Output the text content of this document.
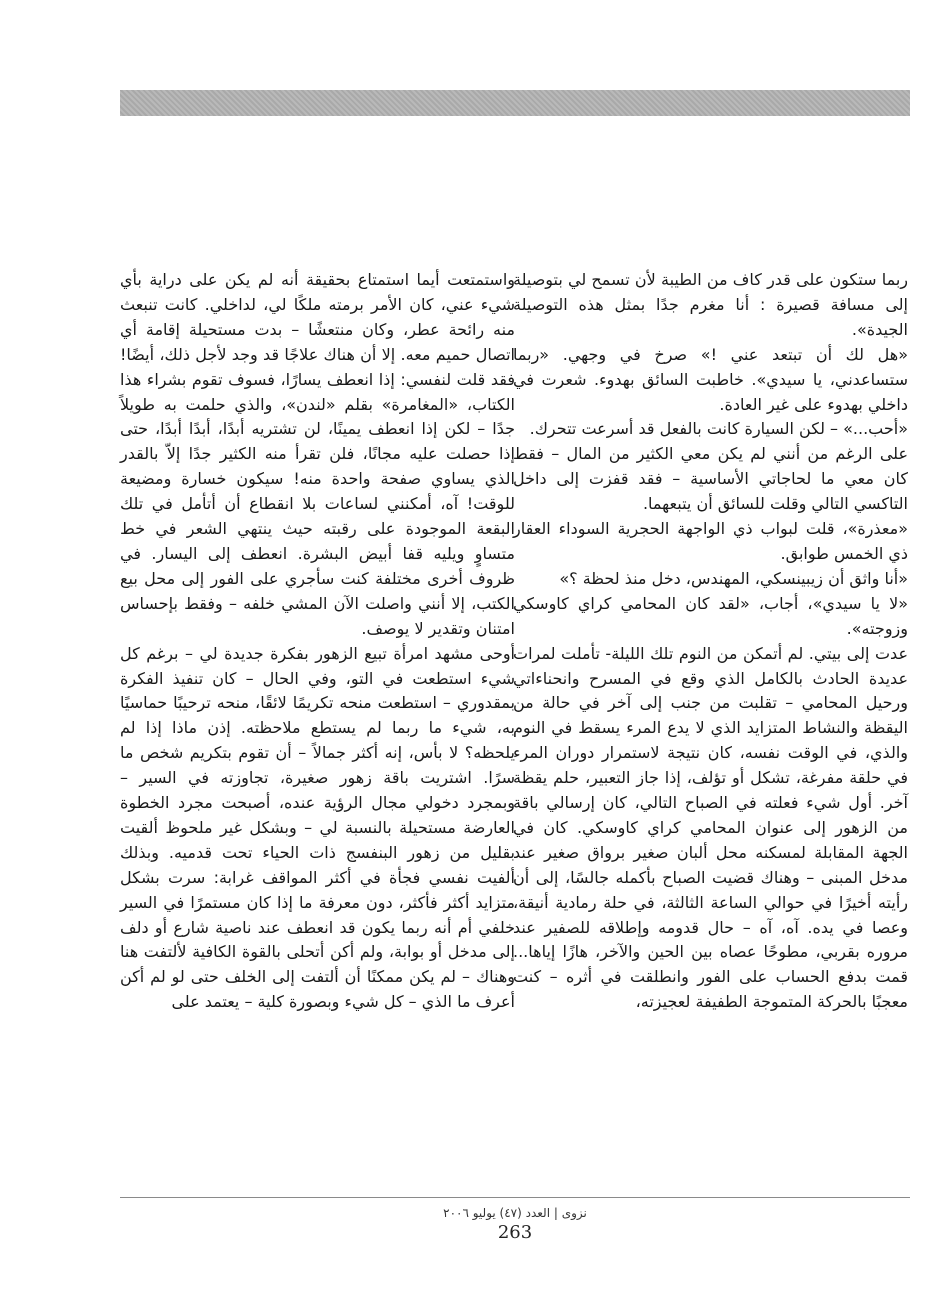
ربما ستكون على قدر كاف من الطيبة لأن تسمح لي بتوصيلة إلى مسافة قصيرة : أنا مغرم جدًا بمثل هذه التوصيلة الجيدة».

«هل لك أن تبتعد عني !» صرخ في وجهي. «ربما ستساعدني، يا سيدي». خاطبت السائق بهدوء. شعرت في داخلي بهدوء على غير العادة.

«أحب...» – لكن السيارة كانت بالفعل قد أسرعت تتحرك.

على الرغم من أنني لم يكن معي الكثير من المال – فقط كان معي ما لحاجاتي الأساسية – فقد قفزت إلى داخل التاكسي التالي وقلت للسائق أن يتبعهما.

«معذرة»، قلت لبواب ذي الواجهة الحجرية السوداء العقار ذي الخمس طوابق.

«أنا واثق أن زيبينسكي، المهندس، دخل منذ لحظة ؟»

«لا يا سيدي»، أجاب، «لقد كان المحامي كراي كاوسكي وزوجته».

عدت إلى بيتي. لم أتمكن من النوم تلك الليلة- تأملت لمرات عديدة الحادث بالكامل الذي وقع في المسرح وانحناءاتي ورحيل المحامي – تقلبت من جنب إلى آخر في حالة من اليقظة والنشاط المتزايد الذي لا يدع المرء يسقط في النوم والذي، في الوقت نفسه، كان نتيجة لاستمرار دوران المرء في حلقة مفرغة، تشكل أو تؤلف، إذا جاز التعبير، حلم يقظة آخر. أول شيء فعلته في الصباح التالي، كان إرسالي باقة من الزهور إلى عنوان المحامي كراي كاوسكي. كان في الجهة المقابلة لمسكنه محل ألبان صغير برواق صغير عند مدخل المبنى – وهناك قضيت الصباح بأكمله جالسًا، إلى أن رأيته أخيرًا في حوالي الساعة الثالثة، في حلة رمادية أنيقة، وعصا في يده. آه، آه – حال قدومه وإطلاقه للصفير عند مروره بقربي، مطوحًا عصاه بين الحين والآخر، هازًا إياها... قمت بدفع الحساب على الفور وانطلقت في أثره – كنت معجبًا بالحركة المتموجة الطفيفة لعجيزته،

واستمتعت أيما استمتاع بحقيقة أنه لم يكن على دراية بأي شيء عني، كان الأمر برمته ملكًا لي، لداخلي. كانت تنبعث منه رائحة عطر، وكان منتعشًا – بدت مستحيلة إقامة أي اتصال حميم معه. إلا أن هناك علاجًا قد وجد لأجل ذلك، أيضًا! فقد قلت لنفسي: إذا انعطف يسارًا، فسوف تقوم بشراء هذا الكتاب، «المغامرة» بقلم «لندن»، والذي حلمت به طويلاً جدًا – لكن إذا انعطف يمينًا، لن تشتريه أبدًا، أبدًا أبدًا، حتى إذا حصلت عليه مجانًا، فلن تقرأ منه الكثير جدًا إلاّ بالقدر الذي يساوي صفحة واحدة منه! سيكون خسارة ومضيعة للوقت! آه، أمكنني لساعات بلا انقطاع أن أتأمل في تلك البقعة الموجودة على رقبته حيث ينتهي الشعر في خط متساوٍ ويليه قفا أبيض البشرة. انعطف إلى اليسار. في ظروف أخرى مختلفة كنت سأجري على الفور إلى محل بيع الكتب، إلا أنني واصلت الآن المشي خلفه – وفقط بإحساس امتنان وتقدير لا يوصف.

أوحى مشهد امرأة تبيع الزهور بفكرة جديدة لي – برغم كل شيء استطعت في التو، وفي الحال – كان تنفيذ الفكرة بمقدوري – استطعت منحه تكريمًا لائقًا، منحه ترحيبًا حماسيًا به، شيء ما ربما لم يستطع ملاحظته. إذن ماذا إذا لم يلحظه؟ لا بأس، إنه أكثر جمالاً – أن تقوم بتكريم شخص ما سرًا. اشتريت باقة زهور صغيرة، تجاوزته في السير – وبمجرد دخولي مجال الرؤية عنده، أصبحت مجرد الخطوة العارضة مستحيلة بالنسبة لي – وبشكل غير ملحوظ ألقيت بقليل من زهور البنفسج ذات الحياء تحت قدميه. وبذلك ألفيت نفسي فجأة في أكثر المواقف غرابة: سرت بشكل متزايد أكثر فأكثر، دون معرفة ما إذا كان مستمرًا في السير خلفي أم أنه ربما يكون قد انعطف عند ناصية شارع أو دلف إلى مدخل أو بوابة، ولم أكن أتحلى بالقوة الكافية لألتفت هنا وهناك – لم يكن ممكنًا أن ألتفت إلى الخلف حتى لو لم أكن أعرف ما الذي – كل شيء وبصورة كلية – يعتمد على

نزوى | العدد (٤٧) يوليو ٢٠٠٦
263
